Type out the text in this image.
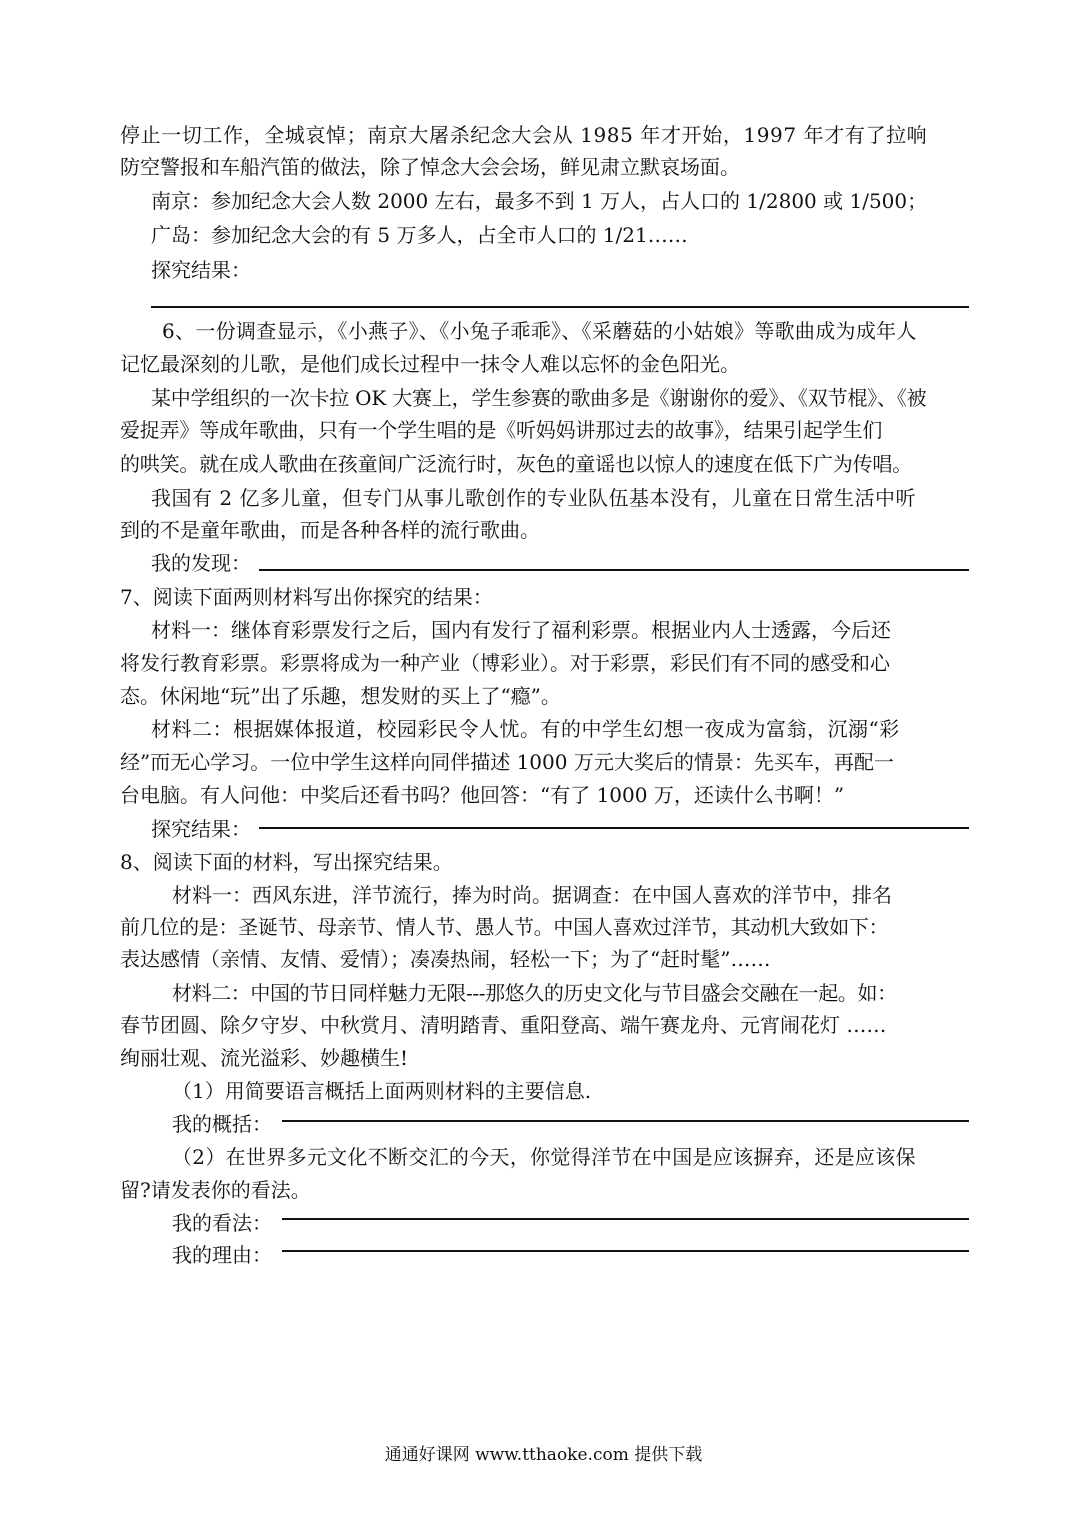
停止一切工作，全城哀悼；南京大屠杀纪念大会从 1985 年才开始，1997 年才有了拉响
防空警报和车船汽笛的做法，除了悼念大会会场，鲜见肃立默哀场面。
南京：参加纪念大会人数 2000 左右，最多不到 1 万人，占人口的 1/2800 或 1/500；
广岛：参加纪念大会的有 5 万多人，占全市人口的 1/21……
探究结果：
6、一份调查显示，《小燕子》、《小兔子乖乖》、《采蘑菇的小姑娘》等歌曲成为成年人
记忆最深刻的儿歌，是他们成长过程中一抹令人难以忘怀的金色阳光。
某中学组织的一次卡拉 OK 大赛上，学生参赛的歌曲多是《谢谢你的爱》、《双节棍》、《被
爱捉弄》等成年歌曲，只有一个学生唱的是《听妈妈讲那过去的故事》，结果引起学生们
的哄笑。就在成人歌曲在孩童间广泛流行时，灰色的童谣也以惊人的速度在低下广为传唱。
我国有 2 亿多儿童，但专门从事儿歌创作的专业队伍基本没有，儿童在日常生活中听
到的不是童年歌曲，而是各种各样的流行歌曲。
我的发现：
7、阅读下面两则材料写出你探究的结果：
材料一：继体育彩票发行之后，国内有发行了福利彩票。根据业内人士透露，今后还
将发行教育彩票。彩票将成为一种产业（博彩业）。对于彩票，彩民们有不同的感受和心
态。休闲地“玩”出了乐趣，想发财的买上了“瘾”。
材料二：根据媒体报道，校园彩民令人忧。有的中学生幻想一夜成为富翁，沉溺“彩
经”而无心学习。一位中学生这样向同伴描述 1000 万元大奖后的情景：先买车，再配一
台电脑。有人问他：中奖后还看书吗？他回答：“有了 1000 万，还读什么书啊！”
探究结果：
8、阅读下面的材料，写出探究结果。
材料一：西风东进，洋节流行，捧为时尚。据调查：在中国人喜欢的洋节中，排名
前几位的是：圣诞节、母亲节、情人节、愚人节。中国人喜欢过洋节，其动机大致如下：
表达感情（亲情、友情、爱情）；凑凑热闹，轻松一下；为了“赶时髦”……
材料二：中国的节日同样魅力无限---那悠久的历史文化与节目盛会交融在一起。如：
春节团圆、除夕守岁、中秋赏月、清明踏青、重阳登高、端午赛龙舟、元宵闹花灯 ……
绚丽壮观、流光溢彩、妙趣横生!
（1）用简要语言概括上面两则材料的主要信息.
我的概括：
（2）在世界多元文化不断交汇的今天，你觉得洋节在中国是应该摒弃，还是应该保
留?请发表你的看法。
我的看法：
我的理由：
通通好课网 www.tthaoke.com 提供下载
